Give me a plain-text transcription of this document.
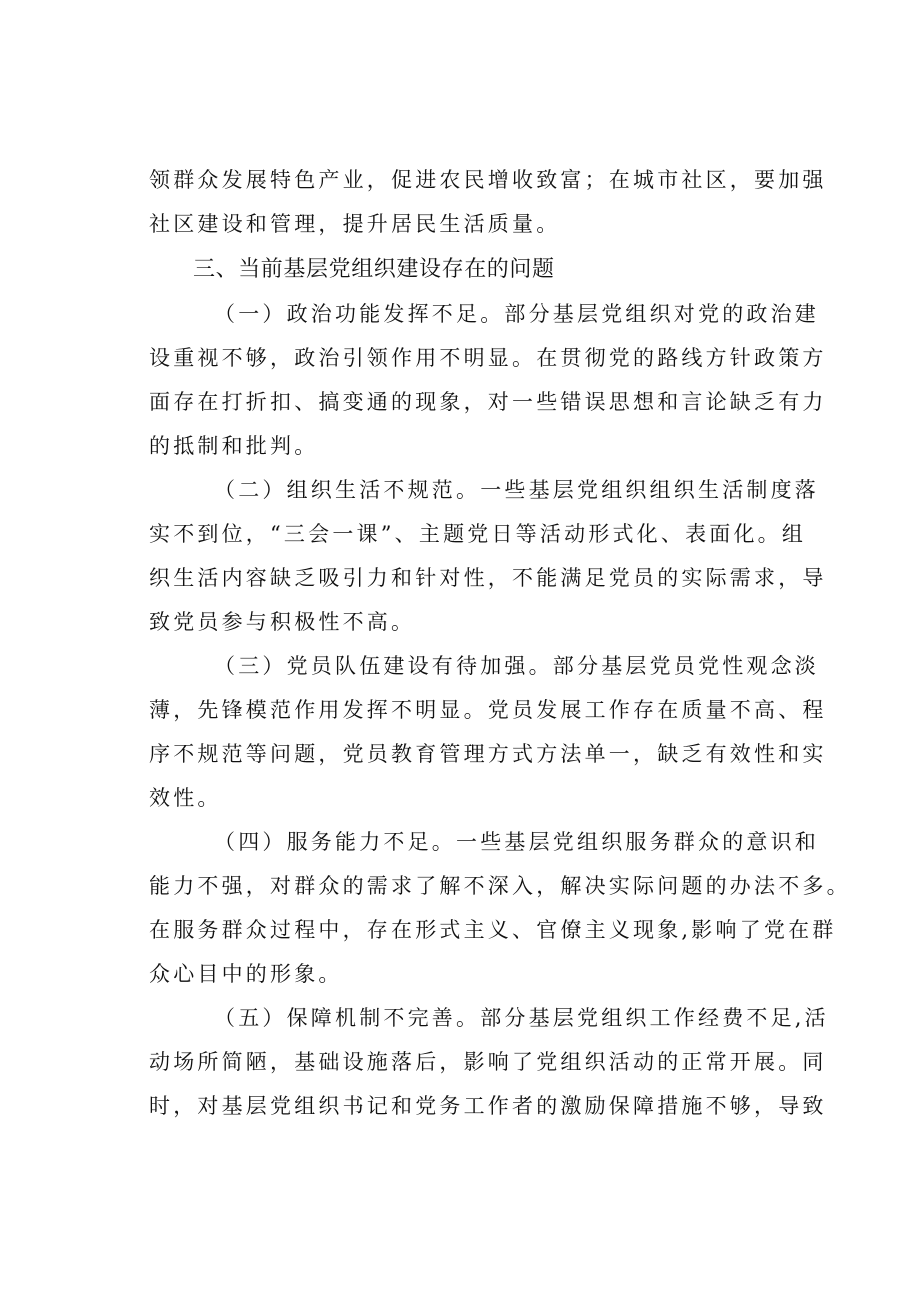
领群众发展特色产业，促进农民增收致富；在城市社区，要加强
社区建设和管理，提升居民生活质量。
三、当前基层党组织建设存在的问题
（一）政治功能发挥不足。部分基层党组织对党的政治建
设重视不够，政治引领作用不明显。在贯彻党的路线方针政策方
面存在打折扣、搞变通的现象，对一些错误思想和言论缺乏有力
的抵制和批判。
（二）组织生活不规范。一些基层党组织组织生活制度落
实不到位，“三会一课”、主题党日等活动形式化、表面化。组
织生活内容缺乏吸引力和针对性，不能满足党员的实际需求，导
致党员参与积极性不高。
（三）党员队伍建设有待加强。部分基层党员党性观念淡
薄，先锋模范作用发挥不明显。党员发展工作存在质量不高、程
序不规范等问题，党员教育管理方式方法单一，缺乏有效性和实
效性。
（四）服务能力不足。一些基层党组织服务群众的意识和
能力不强，对群众的需求了解不深入，解决实际问题的办法不多。
在服务群众过程中，存在形式主义、官僚主义现象,影响了党在群
众心目中的形象。
（五）保障机制不完善。部分基层党组织工作经费不足,活
动场所简陋，基础设施落后，影响了党组织活动的正常开展。同
时，对基层党组织书记和党务工作者的激励保障措施不够，导致
